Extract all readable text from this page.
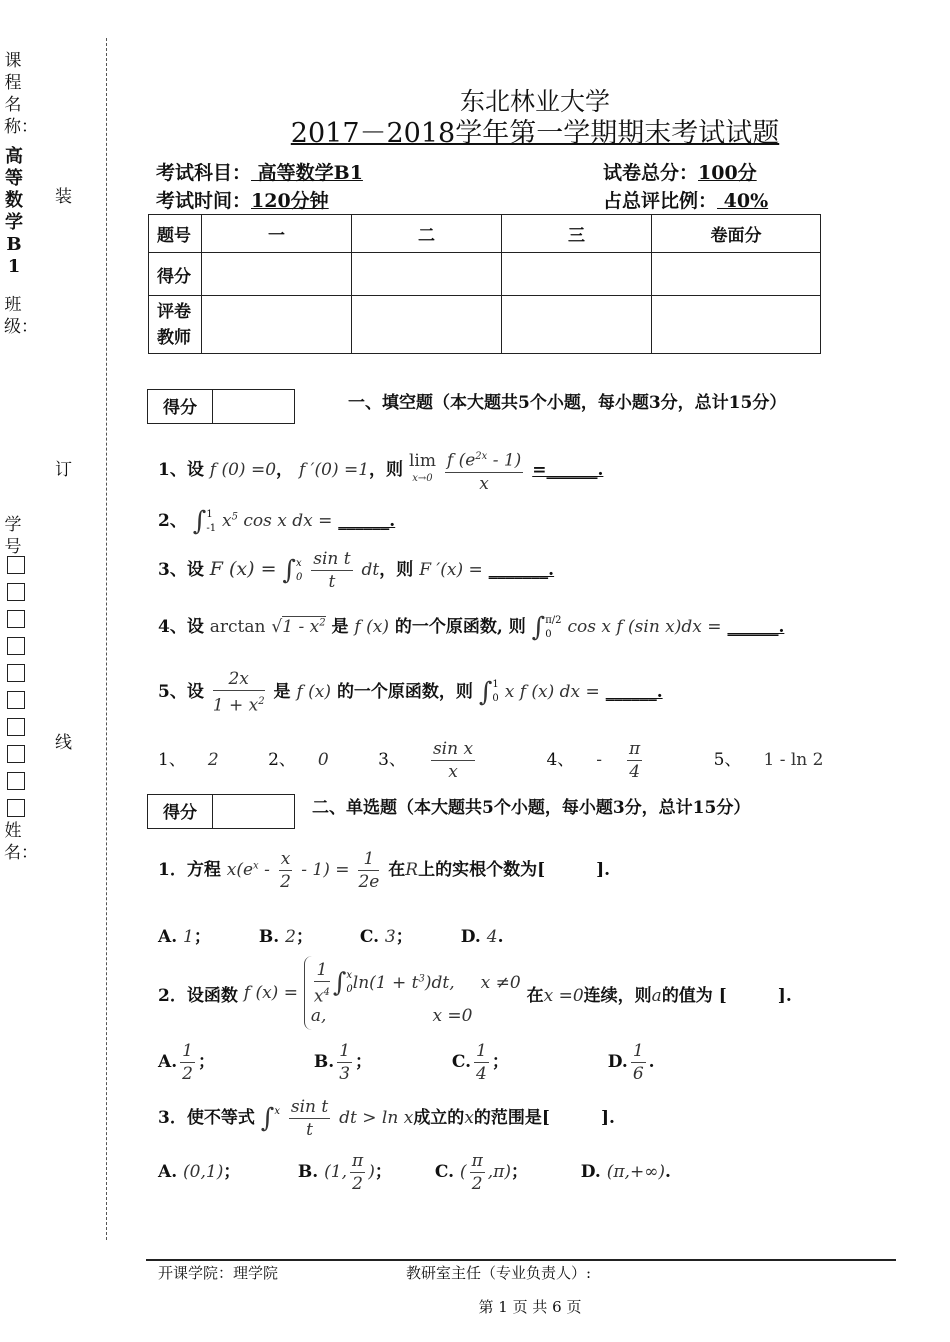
课程名称：
高等数学B1
班级：
学号
姓名：
装
订
线
东北林业大学
2017－2018学年第一学期期末考试试题
考试科目： 高等数学B1	试卷总分：100分
考试时间：120分钟	占总评比例： 40%
题号	一	二	三	卷面分
得分				
评卷
教师				
得分	一、填空题（本大题共5个小题，每小题3分，总计15分）
1、设 f (0) =0， f ′(0) =1，则 lim
x→0
$\frac{f (e^{2x} - 1)}{x}$ =______.
2、 ∫ 1
-1 $x^5$ cos x dx = ______.
3、设 F (x) = ∫ x
0
$\frac{\text{sin t}}{t}$ dt，则 F ′(x) = _______.
4、设 $\arctan √1 - x^2$ 是 f (x) 的一个原函数, 则 ∫ π/2
0 cos x f (sin x)dx = ______.
5、设 $\frac{2x}{1 + x^2}$ 是 f (x) 的一个原函数，则 ∫ 1
0 x f (x) dx = ______.
1、 2	2、 0	3、 $\frac{\text{sin x}}{x}$	4、 - $\frac{\pi}{4}$	5、 1 - ln 2
得分	二、单选题（本大题共5个小题，每小题3分，总计15分）
1．方程 $x(e^x - \frac{x}{2} - 1) = \frac{1}{2e}$ 在R上的实根个数为[　　　].
A. 1；	B. 2；	C. 3；	D. 4.
2．设函数 f $(x) = \frac{1}{x^4}$ ∫ x
0 $\ln(1 + t^3)dt$, x ≠0
a,	x =0
在x =0连续，则a的值为 [　　　].
A. $\frac{1}{2}$ ；	B. $\frac{1}{3}$ ；	C. $\frac{1}{4}$ ；	D. $\frac{1}{6}$ .
3．使不等式 ∫ x

$\frac{\text{sin t}}{t}$ dt > ln x成立的x的范围是[　　　].
A. (0,1)；	B. (1, $\frac{\pi}{2}$ )；	C. ( $\frac{\pi}{2} ,\pi$)；	D. (π,+∞).
开课学院：理学院	教研室主任（专业负责人）:
第 1 页 共 6 页
